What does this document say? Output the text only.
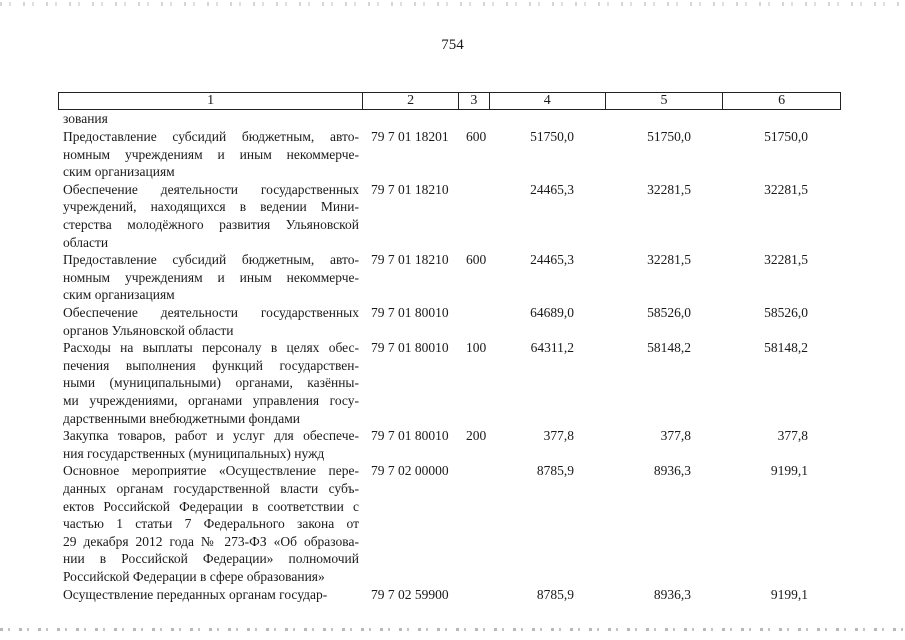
754
1	2	3	4	5	6
зования
Предоставление субсидий бюджетным, авто-
номным учреждениям и иным некоммерче-
ским организациям
79 7 01 18201 600	51750,0	51750,0	51750,0
Обеспечение деятельности государственных
учреждений, находящихся в ведении Мини-
стерства молодёжного развития Ульяновской
области
79 7 01 18210	24465,3	32281,5	32281,5
Предоставление субсидий бюджетным, авто-
номным учреждениям и иным некоммерче-
ским организациям
79 7 01 18210 600	24465,3	32281,5	32281,5
Обеспечение деятельности государственных
органов Ульяновской области
79 7 01 80010	64689,0	58526,0	58526,0
Расходы на выплаты персоналу в целях обес-
печения выполнения функций государствен-
ными (муниципальными) органами, казённы-
ми учреждениями, органами управления госу-
дарственными внебюджетными фондами
79 7 01 80010 100	64311,2	58148,2	58148,2
Закупка товаров, работ и услуг для обеспече-
ния государственных (муниципальных) нужд
79 7 01 80010 200	377,8	377,8	377,8
Основное мероприятие «Осуществление пере-
данных органам государственной власти субъ-
ектов Российской Федерации в соответствии с
частью 1 статьи 7 Федерального закона от
29 декабря 2012 года № 273-ФЗ «Об образова-
нии в Российской Федерации» полномочий
Российской Федерации в сфере образования»
79 7 02 00000	8785,9	8936,3	9199,1
Осуществление переданных органам государ-	79 7 02 59900	8785,9	8936,3	9199,1
